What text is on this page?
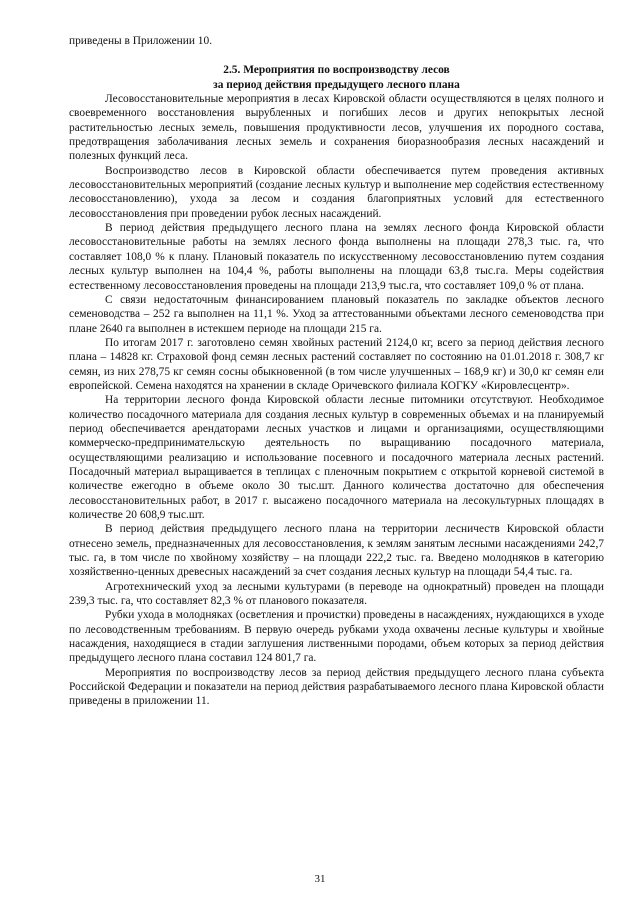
приведены в Приложении 10.

2.5. Мероприятия по воспроизводству лесов
за период действия предыдущего лесного плана

Лесовосстановительные мероприятия в лесах Кировской области осуществляются в целях полного и своевременного восстановления вырубленных и погибших лесов и других непокрытых лесной растительностью лесных земель, повышения продуктивности лесов, улучшения их породного состава, предотвращения заболачивания лесных земель и сохранения биоразнообразия лесных насаждений и полезных функций леса.

Воспроизводство лесов в Кировской области обеспечивается путем проведения активных лесовосстановительных мероприятий (создание лесных культур и выполнение мер содействия естественному лесовосстановлению), ухода за лесом и создания благоприятных условий для естественного лесовосстановления при проведении рубок лесных насаждений.

В период действия предыдущего лесного плана на землях лесного фонда Кировской области лесовосстановительные работы на землях лесного фонда выполнены на площади 278,3 тыс. га, что составляет 108,0 % к плану. Плановый показатель по искусственному лесовосстановлению путем создания лесных культур выполнен на 104,4 %, работы выполнены на площади 63,8 тыс.га. Меры содействия естественному лесовосстановления проведены на площади 213,9 тыс.га, что составляет 109,0 % от плана.

С связи недостаточным финансированием плановый показатель по закладке объектов лесного семеноводства – 252 га выполнен на 11,1 %. Уход за аттестованными объектами лесного семеноводства при плане 2640 га выполнен в истекшем периоде на площади 215 га.

По итогам 2017 г. заготовлено семян хвойных растений 2124,0 кг, всего за период действия лесного плана – 14828 кг. Страховой фонд семян лесных растений составляет по состоянию на 01.01.2018 г. 308,7 кг семян, из них 278,75 кг семян сосны обыкновенной (в том числе улучшенных – 168,9 кг) и 30,0 кг семян ели европейской. Семена находятся на хранении в складе Оричевского филиала КОГКУ «Кировлесцентр».

На территории лесного фонда Кировской области лесные питомники отсутствуют. Необходимое количество посадочного материала для создания лесных культур в современных объемах и на планируемый период обеспечивается арендаторами лесных участков и лицами и организациями, осуществляющими коммерческо-предпринимательскую деятельность по выращиванию посадочного материала, осуществляющими реализацию и использование посевного и посадочного материала лесных растений. Посадочный материал выращивается в теплицах с пленочным покрытием с открытой корневой системой в количестве ежегодно в объеме около 30 тыс.шт. Данного количества достаточно для обеспечения лесовосстановительных работ, в 2017 г. высажено посадочного материала на лесокультурных площадях в количестве 20 608,9 тыс.шт.

В период действия предыдущего лесного плана на территории лесничеств Кировской области отнесено земель, предназначенных для лесовосстановления, к землям занятым лесными насаждениями 242,7 тыс. га, в том числе по хвойному хозяйству – на площади 222,2 тыс. га. Введено молодняков в категорию хозяйственно-ценных древесных насаждений за счет создания лесных культур на площади 54,4 тыс. га.

Агротехнический уход за лесными культурами (в переводе на однократный) проведен на площади 239,3 тыс. га, что составляет 82,3 % от планового показателя.

Рубки ухода в молодняках (осветления и прочистки) проведены в насаждениях, нуждающихся в уходе по лесоводственным требованиям. В первую очередь рубками ухода охвачены лесные культуры и хвойные насаждения, находящиеся в стадии заглушения лиственными породами, объем которых за период действия предыдущего лесного плана составил 124 801,7 га.

Мероприятия по воспроизводству лесов за период действия предыдущего лесного плана субъекта Российской Федерации и показатели на период действия разрабатываемого лесного плана Кировской области приведены в приложении 11.

31
